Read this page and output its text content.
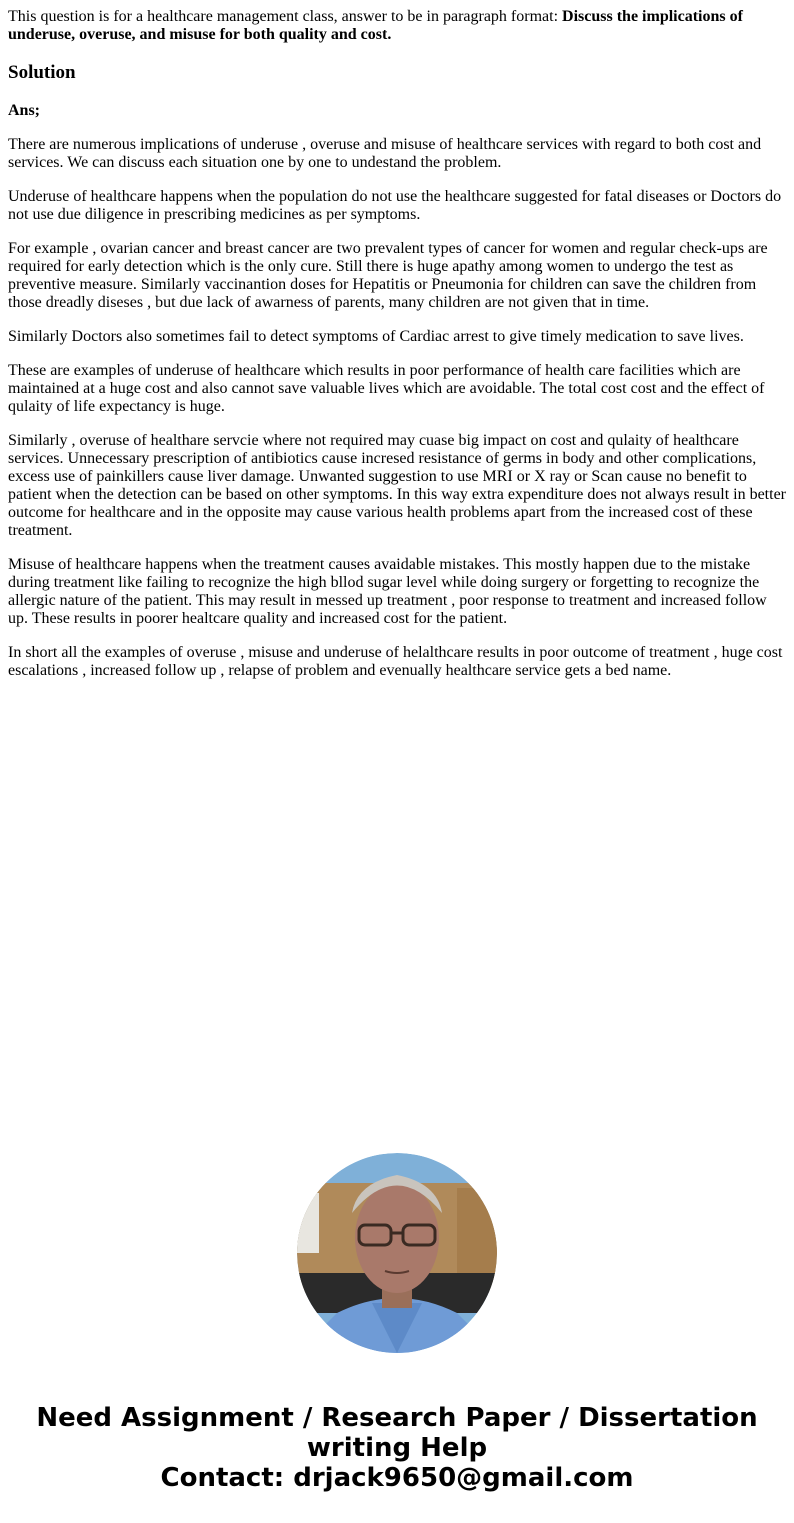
This question is for a healthcare management class, answer to be in paragraph format: Discuss the implications of underuse, overuse, and misuse for both quality and cost.

Solution

Ans;

There are numerous implications of underuse , overuse and misuse of healthcare services with regard to both cost and services. We can discuss each situation one by one to undestand the problem.

Underuse of healthcare happens when the population do not use the healthcare suggested for fatal diseases or Doctors do not use due diligence in prescribing medicines as per symptoms.

For example , ovarian cancer and breast cancer are two prevalent types of cancer for women and regular check-ups are required for early detection which is the only cure. Still there is huge apathy among women to undergo the test as preventive measure. Similarly vaccinantion doses for Hepatitis or Pneumonia for children can save the children from those dreadly diseses , but due lack of awarness of parents, many children are not given that in time.

Similarly Doctors also sometimes fail to detect symptoms of Cardiac arrest to give timely medication to save lives.

These are examples of underuse of healthcare which results in poor performance of health care facilities which are maintained at a huge cost and also cannot save valuable lives which are avoidable. The total cost cost and the effect of qulaity of life expectancy is huge.

Similarly , overuse of healthare servcie where not required may cuase big impact on cost and qulaity of healthcare services. Unnecessary prescription of antibiotics cause incresed resistance of germs in body and other complications, excess use of painkillers cause liver damage. Unwanted suggestion to use MRI or X ray or Scan cause no benefit to patient when the detection can be based on other symptoms. In this way extra expenditure does not always result in better outcome for healthcare and in the opposite may cause various health problems apart from the increased cost of these treatment.

Misuse of healthcare happens when the treatment causes avaidable mistakes. This mostly happen due to the mistake during treatment like failing to recognize the high bllod sugar level while doing surgery or forgetting to recognize the allergic nature of the patient. This may result in messed up treatment , poor response to treatment and increased follow up. These results in poorer healtcare quality and increased cost for the patient.

In short all the examples of overuse , misuse and underuse of helalthcare results in poor outcome of treatment , huge cost escalations , increased follow up , relapse of problem and evenually healthcare service gets a bed name.

Need Assignment / Research Paper / Dissertation
writing Help
Contact: drjack9650@gmail.com
